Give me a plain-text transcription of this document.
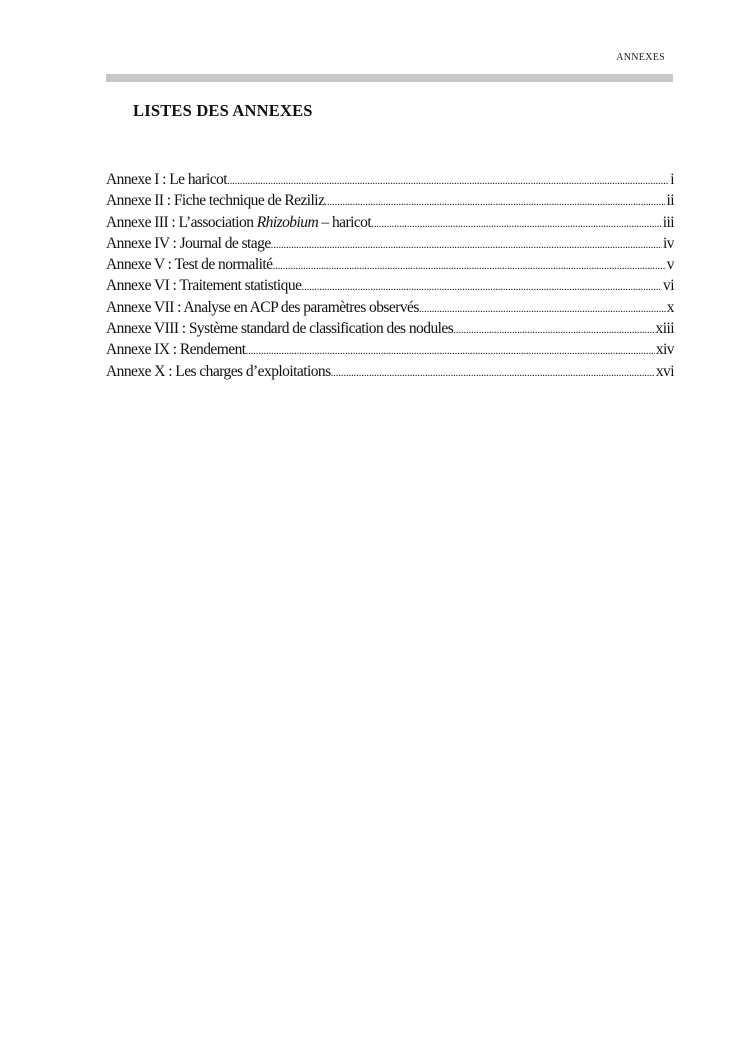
ANNEXES
LISTES DES ANNEXES
Annexe I : Le haricot .....	i
Annexe II : Fiche technique de Reziliz .....	ii
Annexe III : L’association Rhizobium – haricot .....	iii
Annexe IV : Journal de stage .....	iv
Annexe V : Test de normalité .....	v
Annexe VI : Traitement statistique .....	vi
Annexe VII : Analyse en ACP des paramètres observés .....	x
Annexe VIII : Système standard de classification des nodules .....	xiii
Annexe IX : Rendement .....	xiv
Annexe X : Les charges d’exploitations .....	xvi
